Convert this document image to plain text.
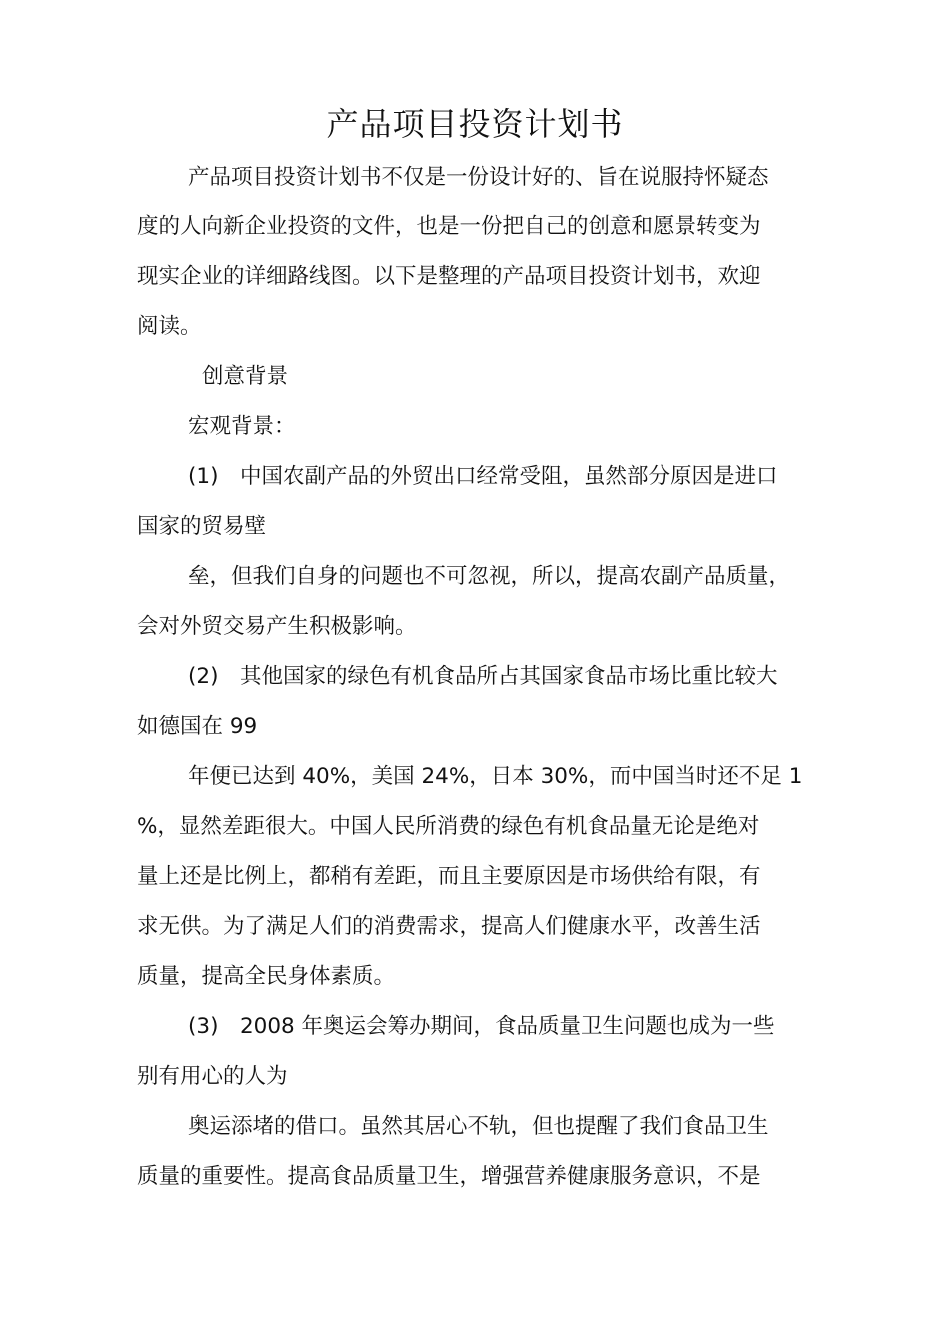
产品项目投资计划书
产品项目投资计划书不仅是一份设计好的、旨在说服持怀疑态
度的人向新企业投资的文件，也是一份把自己的创意和愿景转变为
现实企业的详细路线图。以下是整理的产品项目投资计划书，欢迎
阅读。
创意背景
宏观背景：
(1)　中国农副产品的外贸出口经常受阻，虽然部分原因是进口
国家的贸易壁
垒，但我们自身的问题也不可忽视，所以，提高农副产品质量，
会对外贸交易产生积极影响。
(2)　其他国家的绿色有机食品所占其国家食品市场比重比较大
如德国在 99
年便已达到 40%，美国 24%，日本 30%，而中国当时还不足 1
%，显然差距很大。中国人民所消费的绿色有机食品量无论是绝对
量上还是比例上，都稍有差距，而且主要原因是市场供给有限，有
求无供。为了满足人们的消费需求，提高人们健康水平，改善生活
质量，提高全民身体素质。
(3)　2008 年奥运会筹办期间，食品质量卫生问题也成为一些
别有用心的人为
奥运添堵的借口。虽然其居心不轨，但也提醒了我们食品卫生
质量的重要性。提高食品质量卫生，增强营养健康服务意识，不是
